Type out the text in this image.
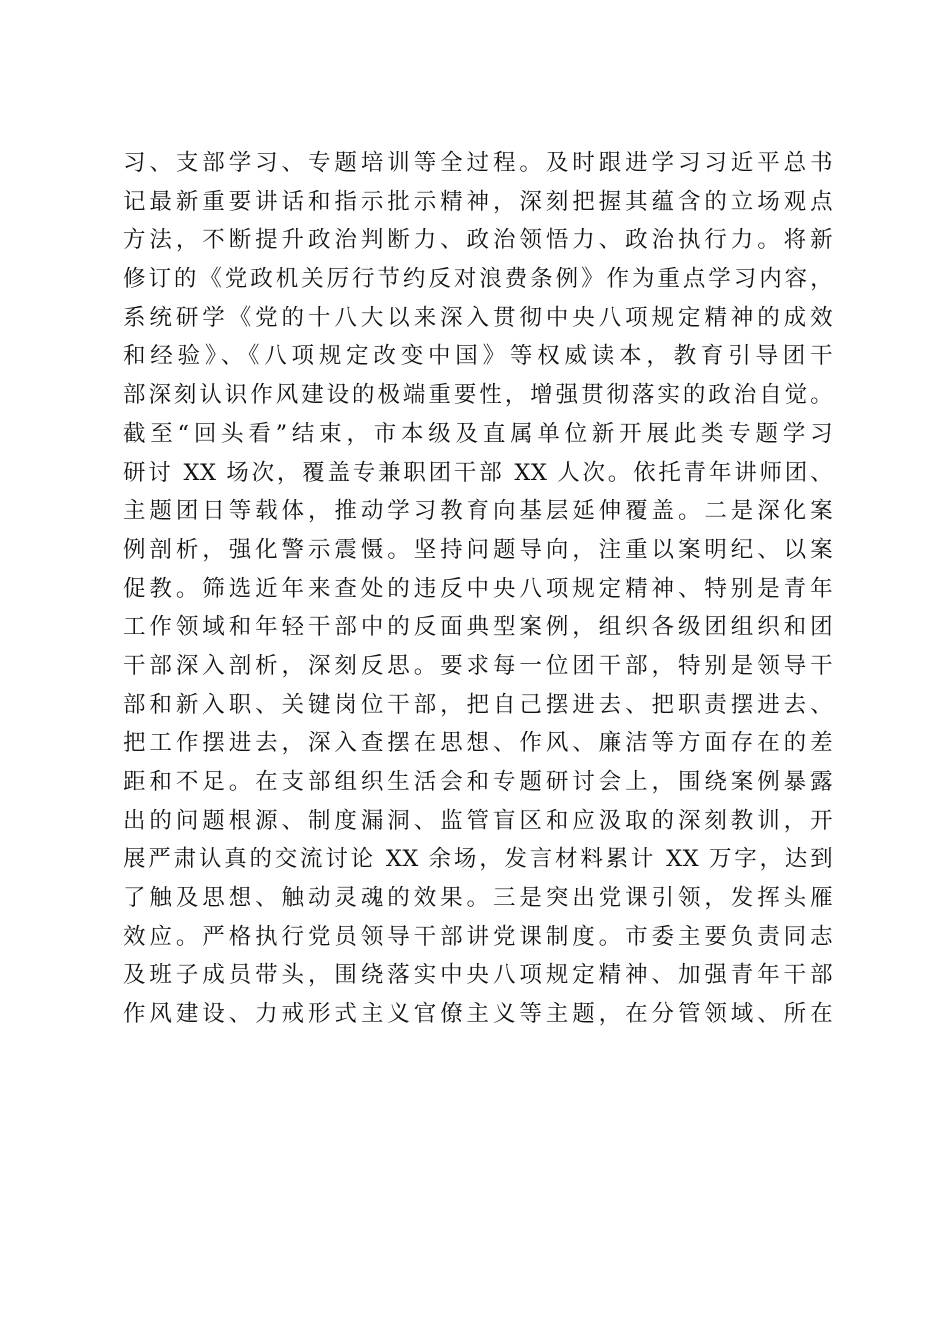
习、支部学习、专题培训等全过程。及时跟进学习习近平总书
记最新重要讲话和指示批示精神，深刻把握其蕴含的立场观点
方法，不断提升政治判断力、政治领悟力、政治执行力。将新
修订的《党政机关厉行节约反对浪费条例》作为重点学习内容，
系统研学《党的十八大以来深入贯彻中央八项规定精神的成效
和经验》、《八项规定改变中国》等权威读本，教育引导团干
部深刻认识作风建设的极端重要性，增强贯彻落实的政治自觉。
截至“回头看”结束，市本级及直属单位新开展此类专题学习
研讨 XX 场次，覆盖专兼职团干部 XX 人次。依托青年讲师团、
主题团日等载体，推动学习教育向基层延伸覆盖。二是深化案
例剖析，强化警示震慑。坚持问题导向，注重以案明纪、以案
促教。筛选近年来查处的违反中央八项规定精神、特别是青年
工作领域和年轻干部中的反面典型案例，组织各级团组织和团
干部深入剖析，深刻反思。要求每一位团干部，特别是领导干
部和新入职、关键岗位干部，把自己摆进去、把职责摆进去、
把工作摆进去，深入查摆在思想、作风、廉洁等方面存在的差
距和不足。在支部组织生活会和专题研讨会上，围绕案例暴露
出的问题根源、制度漏洞、监管盲区和应汲取的深刻教训，开
展严肃认真的交流讨论 XX 余场，发言材料累计 XX 万字，达到
了触及思想、触动灵魂的效果。三是突出党课引领，发挥头雁
效应。严格执行党员领导干部讲党课制度。市委主要负责同志
及班子成员带头，围绕落实中央八项规定精神、加强青年干部
作风建设、力戒形式主义官僚主义等主题，在分管领域、所在
